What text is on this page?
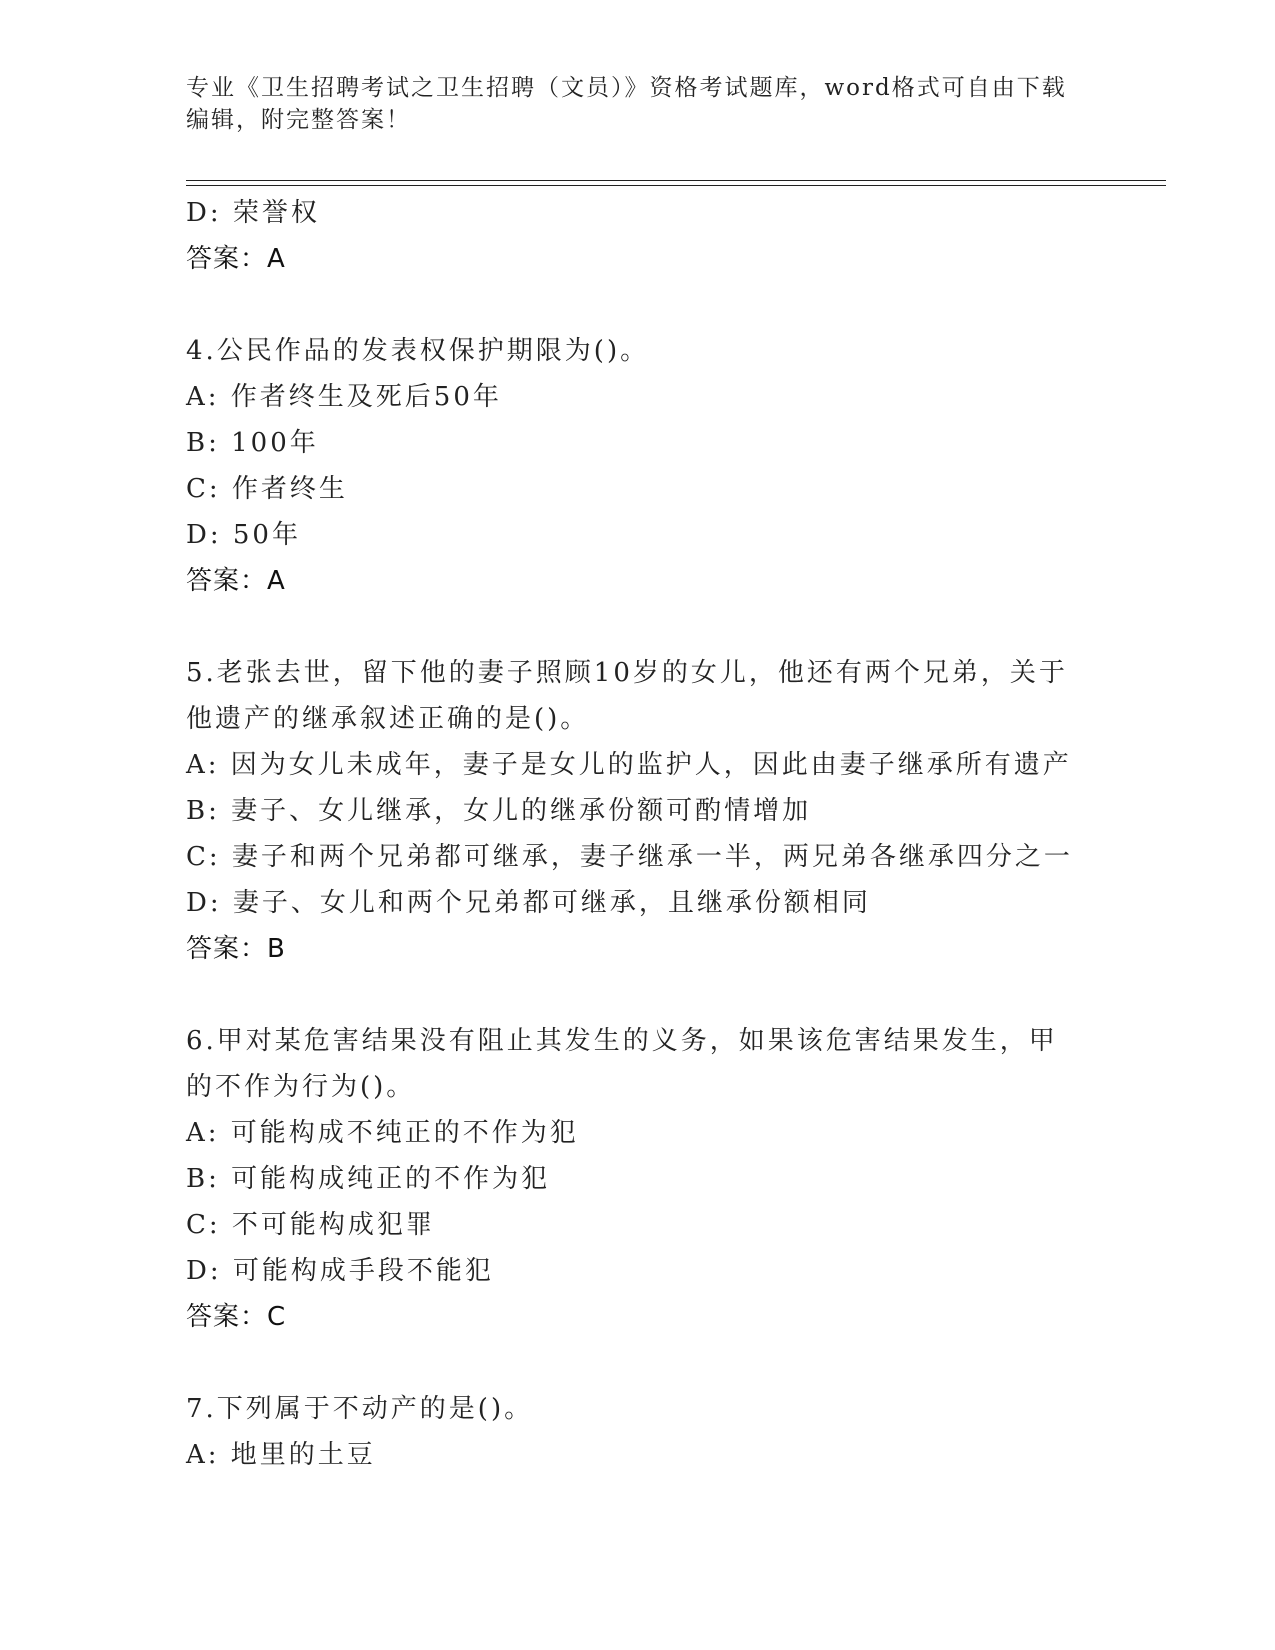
专业《卫生招聘考试之卫生招聘（文员）》资格考试题库，word格式可自由下载
编辑，附完整答案！
D: 荣誉权
答案：A
4.公民作品的发表权保护期限为()。
A: 作者终生及死后50年
B: 100年
C: 作者终生
D: 50年
答案：A
5.老张去世，留下他的妻子照顾10岁的女儿，他还有两个兄弟，关于
他遗产的继承叙述正确的是()。
A: 因为女儿未成年，妻子是女儿的监护人，因此由妻子继承所有遗产
B: 妻子、女儿继承，女儿的继承份额可酌情增加
C: 妻子和两个兄弟都可继承，妻子继承一半，两兄弟各继承四分之一
D: 妻子、女儿和两个兄弟都可继承，且继承份额相同
答案：B
6.甲对某危害结果没有阻止其发生的义务，如果该危害结果发生，甲
的不作为行为()。
A: 可能构成不纯正的不作为犯
B: 可能构成纯正的不作为犯
C: 不可能构成犯罪
D: 可能构成手段不能犯
答案：C
7.下列属于不动产的是()。
A: 地里的土豆
